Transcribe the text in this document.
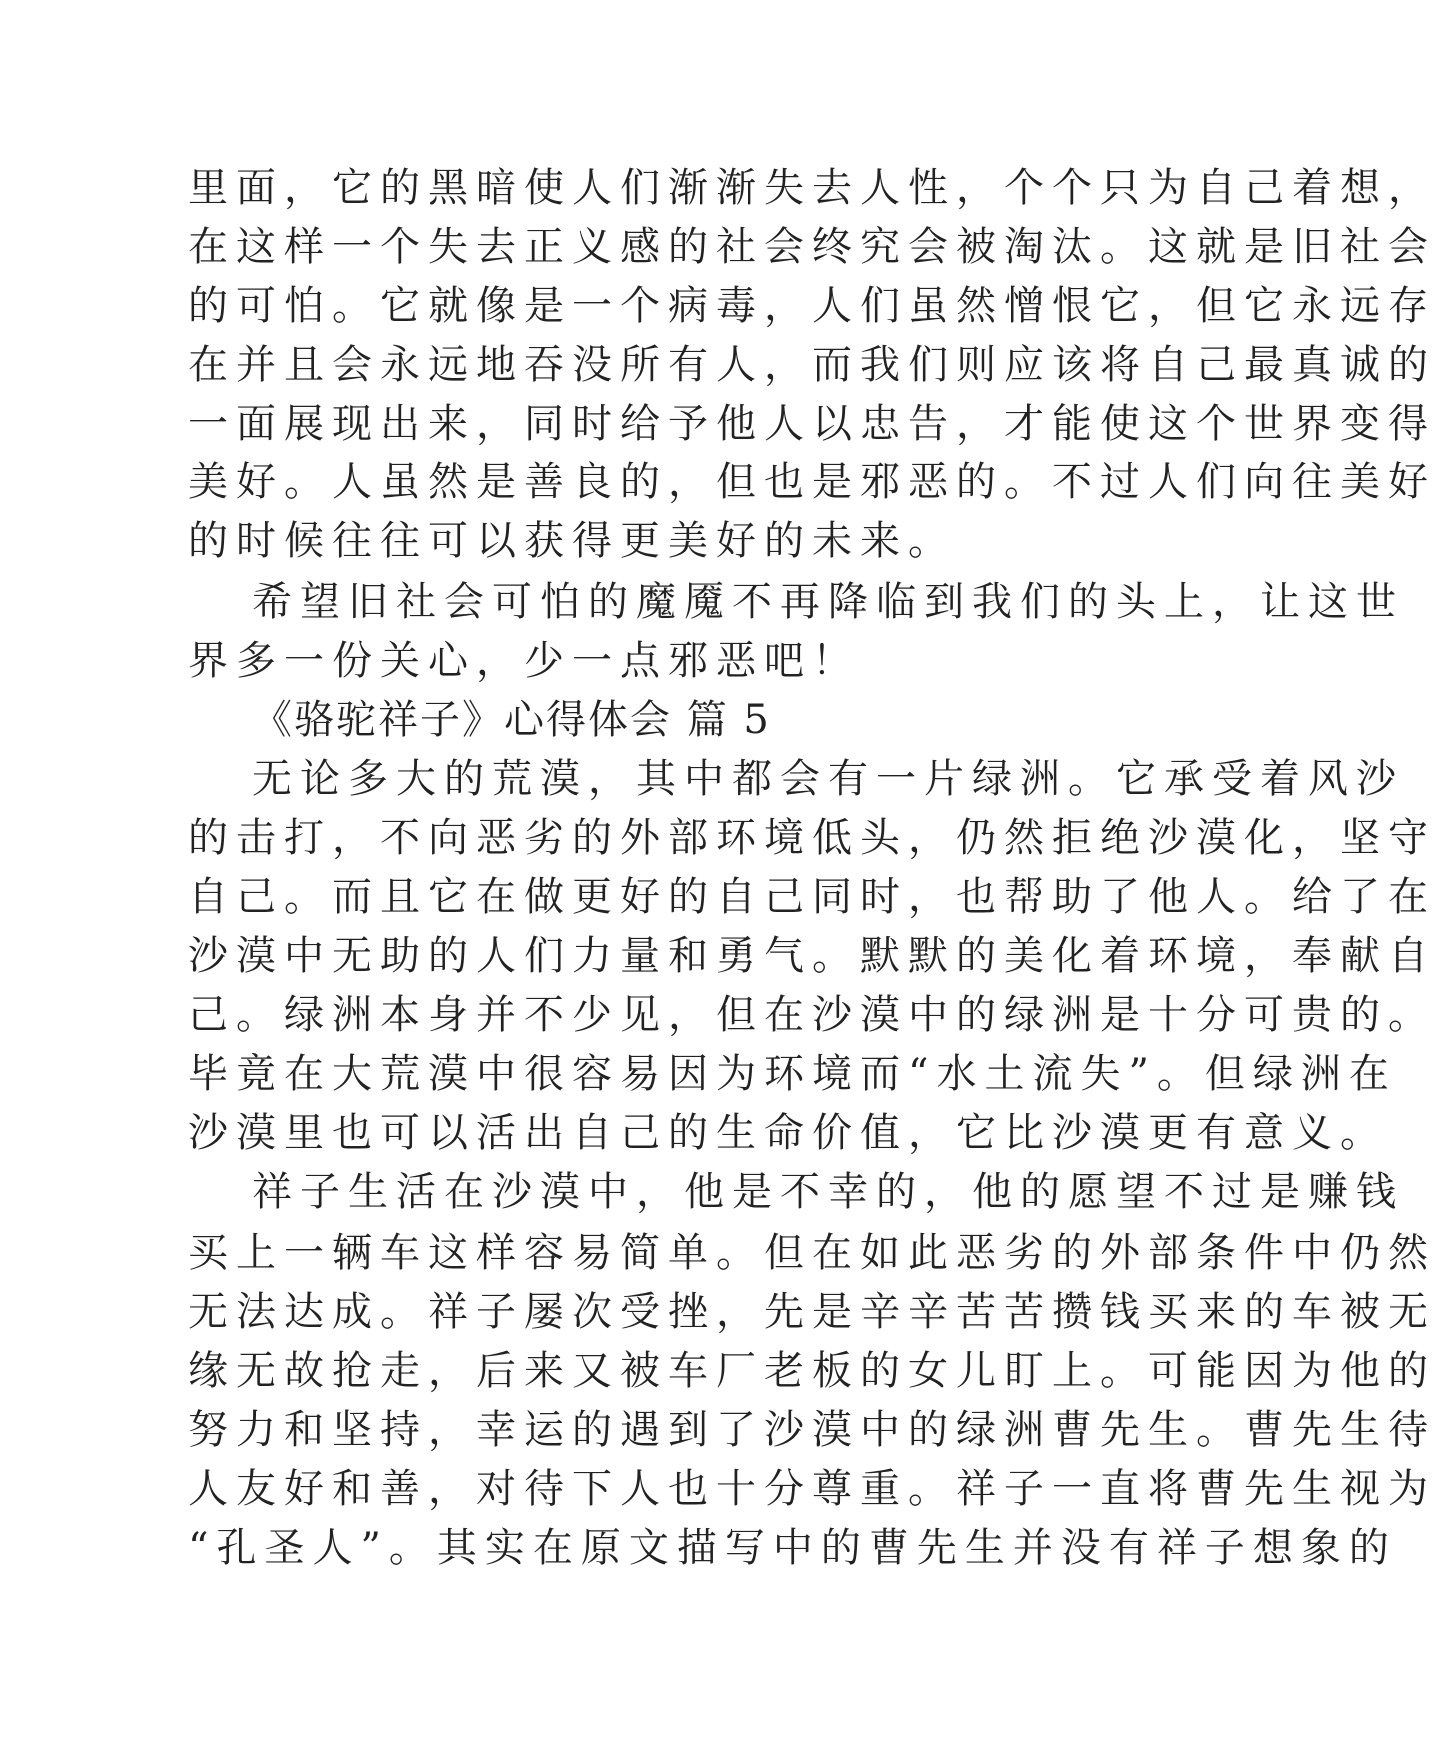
里面，它的黑暗使人们渐渐失去人性，个个只为自己着想，
在这样一个失去正义感的社会终究会被淘汰。这就是旧社会
的可怕。它就像是一个病毒，人们虽然憎恨它，但它永远存
在并且会永远地吞没所有人，而我们则应该将自己最真诚的
一面展现出来，同时给予他人以忠告，才能使这个世界变得
美好。人虽然是善良的，但也是邪恶的。不过人们向往美好
的时候往往可以获得更美好的未来。
希望旧社会可怕的魔魇不再降临到我们的头上，让这世
界多一份关心，少一点邪恶吧！
《骆驼祥子》心得体会 篇 5
无论多大的荒漠，其中都会有一片绿洲。它承受着风沙
的击打，不向恶劣的外部环境低头，仍然拒绝沙漠化，坚守
自己。而且它在做更好的自己同时，也帮助了他人。给了在
沙漠中无助的人们力量和勇气。默默的美化着环境，奉献自
己。绿洲本身并不少见，但在沙漠中的绿洲是十分可贵的。
毕竟在大荒漠中很容易因为环境而“水土流失”。但绿洲在
沙漠里也可以活出自己的生命价值，它比沙漠更有意义。
祥子生活在沙漠中，他是不幸的，他的愿望不过是赚钱
买上一辆车这样容易简单。但在如此恶劣的外部条件中仍然
无法达成。祥子屡次受挫，先是辛辛苦苦攒钱买来的车被无
缘无故抢走，后来又被车厂老板的女儿盯上。可能因为他的
努力和坚持，幸运的遇到了沙漠中的绿洲曹先生。曹先生待
人友好和善，对待下人也十分尊重。祥子一直将曹先生视为
“孔圣人”。其实在原文描写中的曹先生并没有祥子想象的
